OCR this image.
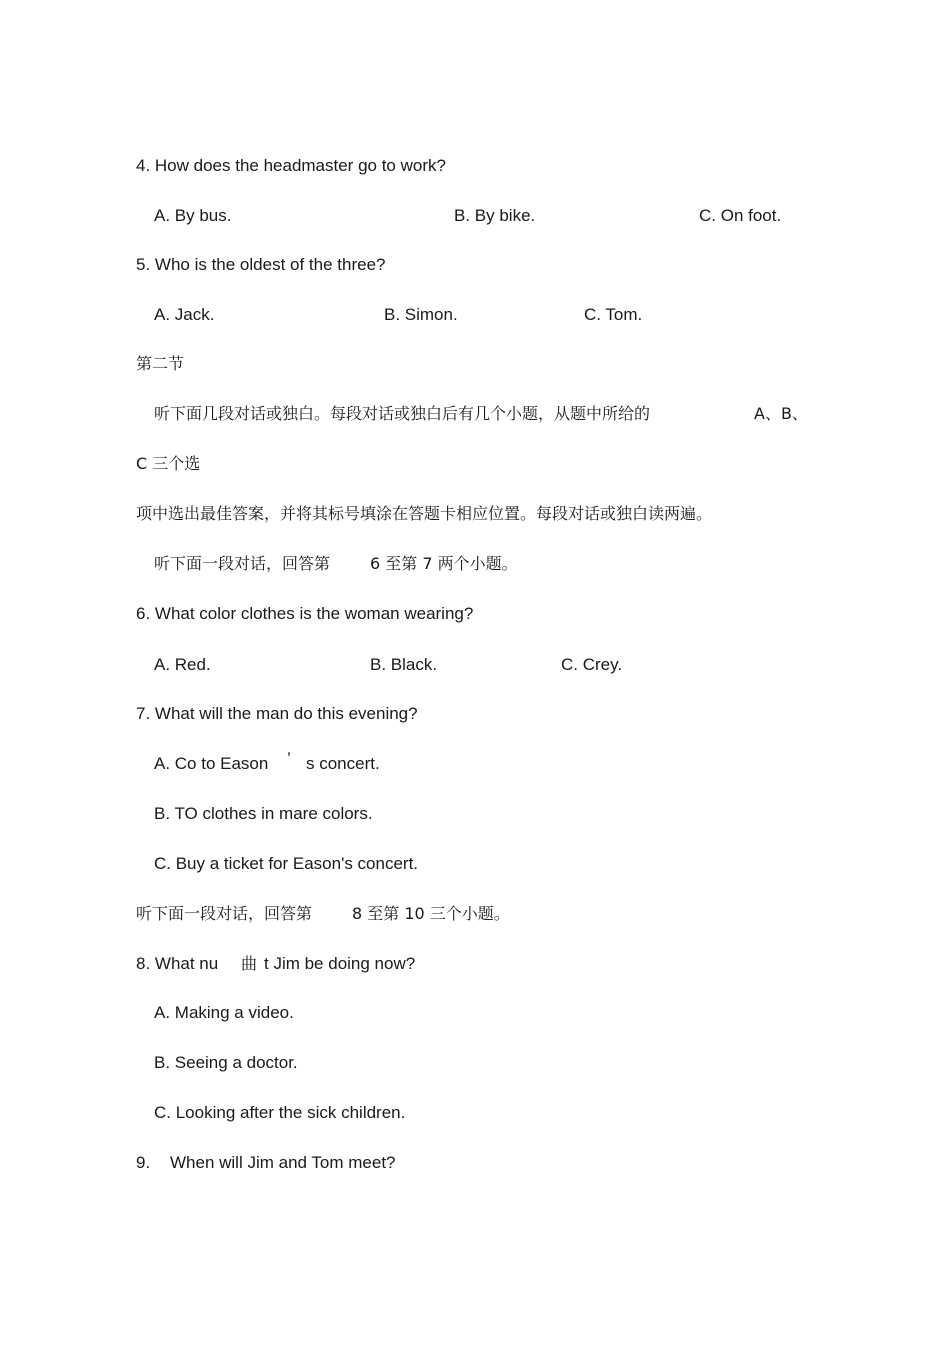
4. How does the headmaster go to work?
A. By bus.	B. By bike.	C. On foot.
5. Who is the oldest of the three?
A. Jack.	B. Simon.	C. Tom.
第二节
听下面几段对话或独白。每段对话或独白后有几个小题，从题中所给的	A、B、
C 三个选
项中选出最佳答案，并将其标号填涂在答题卡相应位置。每段对话或独白读两遍。
听下面一段对话，回答第 6 至第 7 两个小题。
6. What color clothes is the woman wearing?
A. Red.	B. Black.	C. Crey.
7. What will the man do this evening?
A. Co to Eason ’ s concert.
B. TO clothes in mare colors.
C. Buy a ticket for Eason's concert.
听下面一段对话，回答第 8 至第 10 三个小题。
8. What nu 曲 t Jim be doing now?
A. Making a video.
B. Seeing a doctor.
C. Looking after the sick children.
9. When will Jim and Tom meet?
